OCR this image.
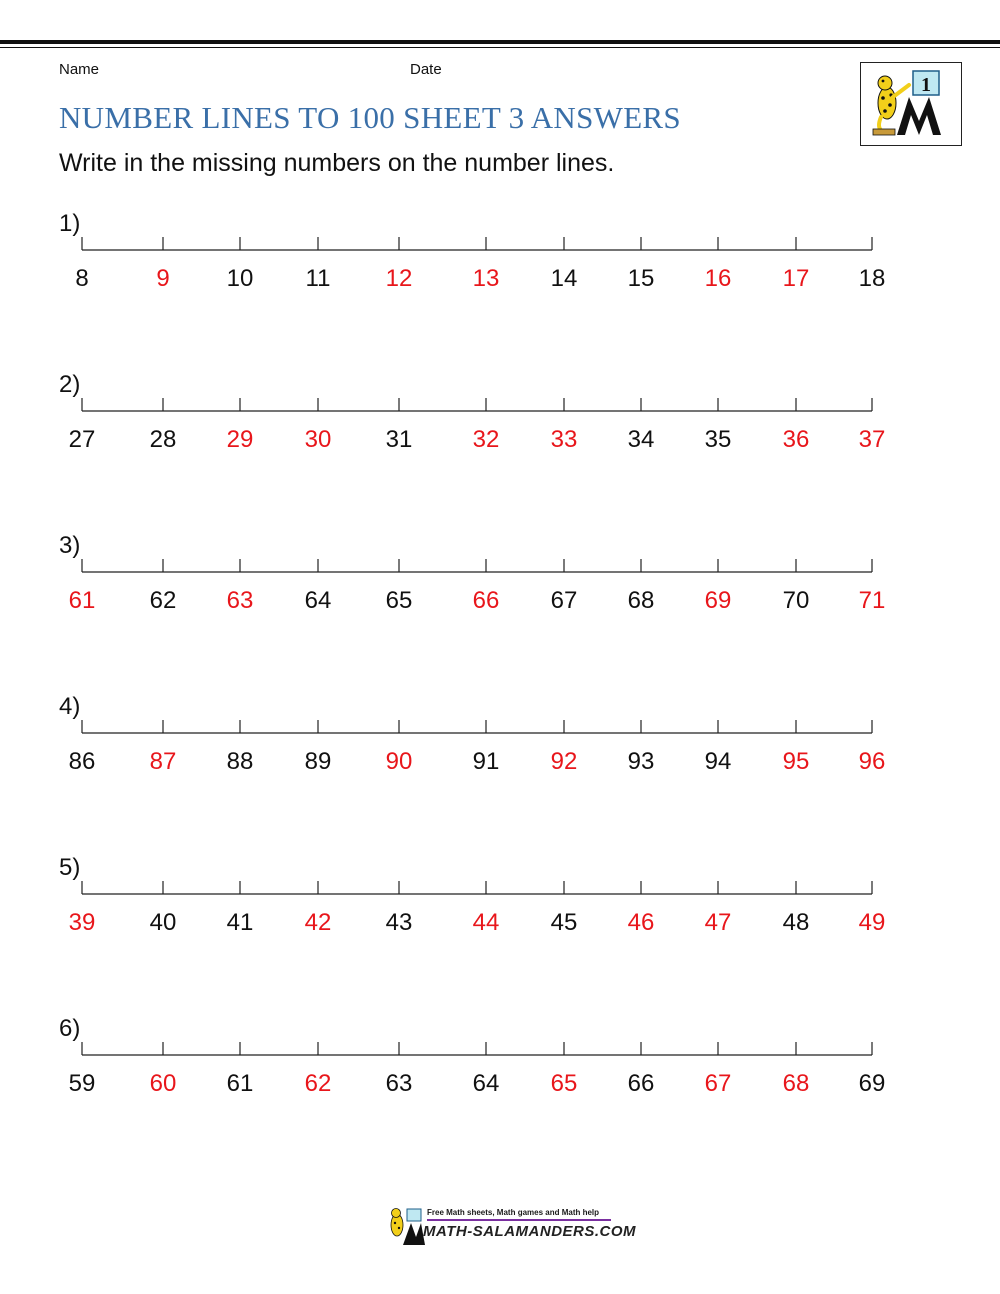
Name	Date
NUMBER LINES TO 100 SHEET 3 ANSWERS
Write in the missing numbers on the number lines.
1
1)
8	9	10	11	12	13	14	15	16	17	18
2)
27	28	29	30	31	32	33	34	35	36	37
3)
61	62	63	64	65	66	67	68	69	70	71
4)
86	87	88	89	90	91	92	93	94	95	96
5)
39	40	41	42	43	44	45	46	47	48	49
6)
59	60	61	62	63	64	65	66	67	68	69
Free Math sheets, Math games and Math help
MATH-SALAMANDERS.COM
